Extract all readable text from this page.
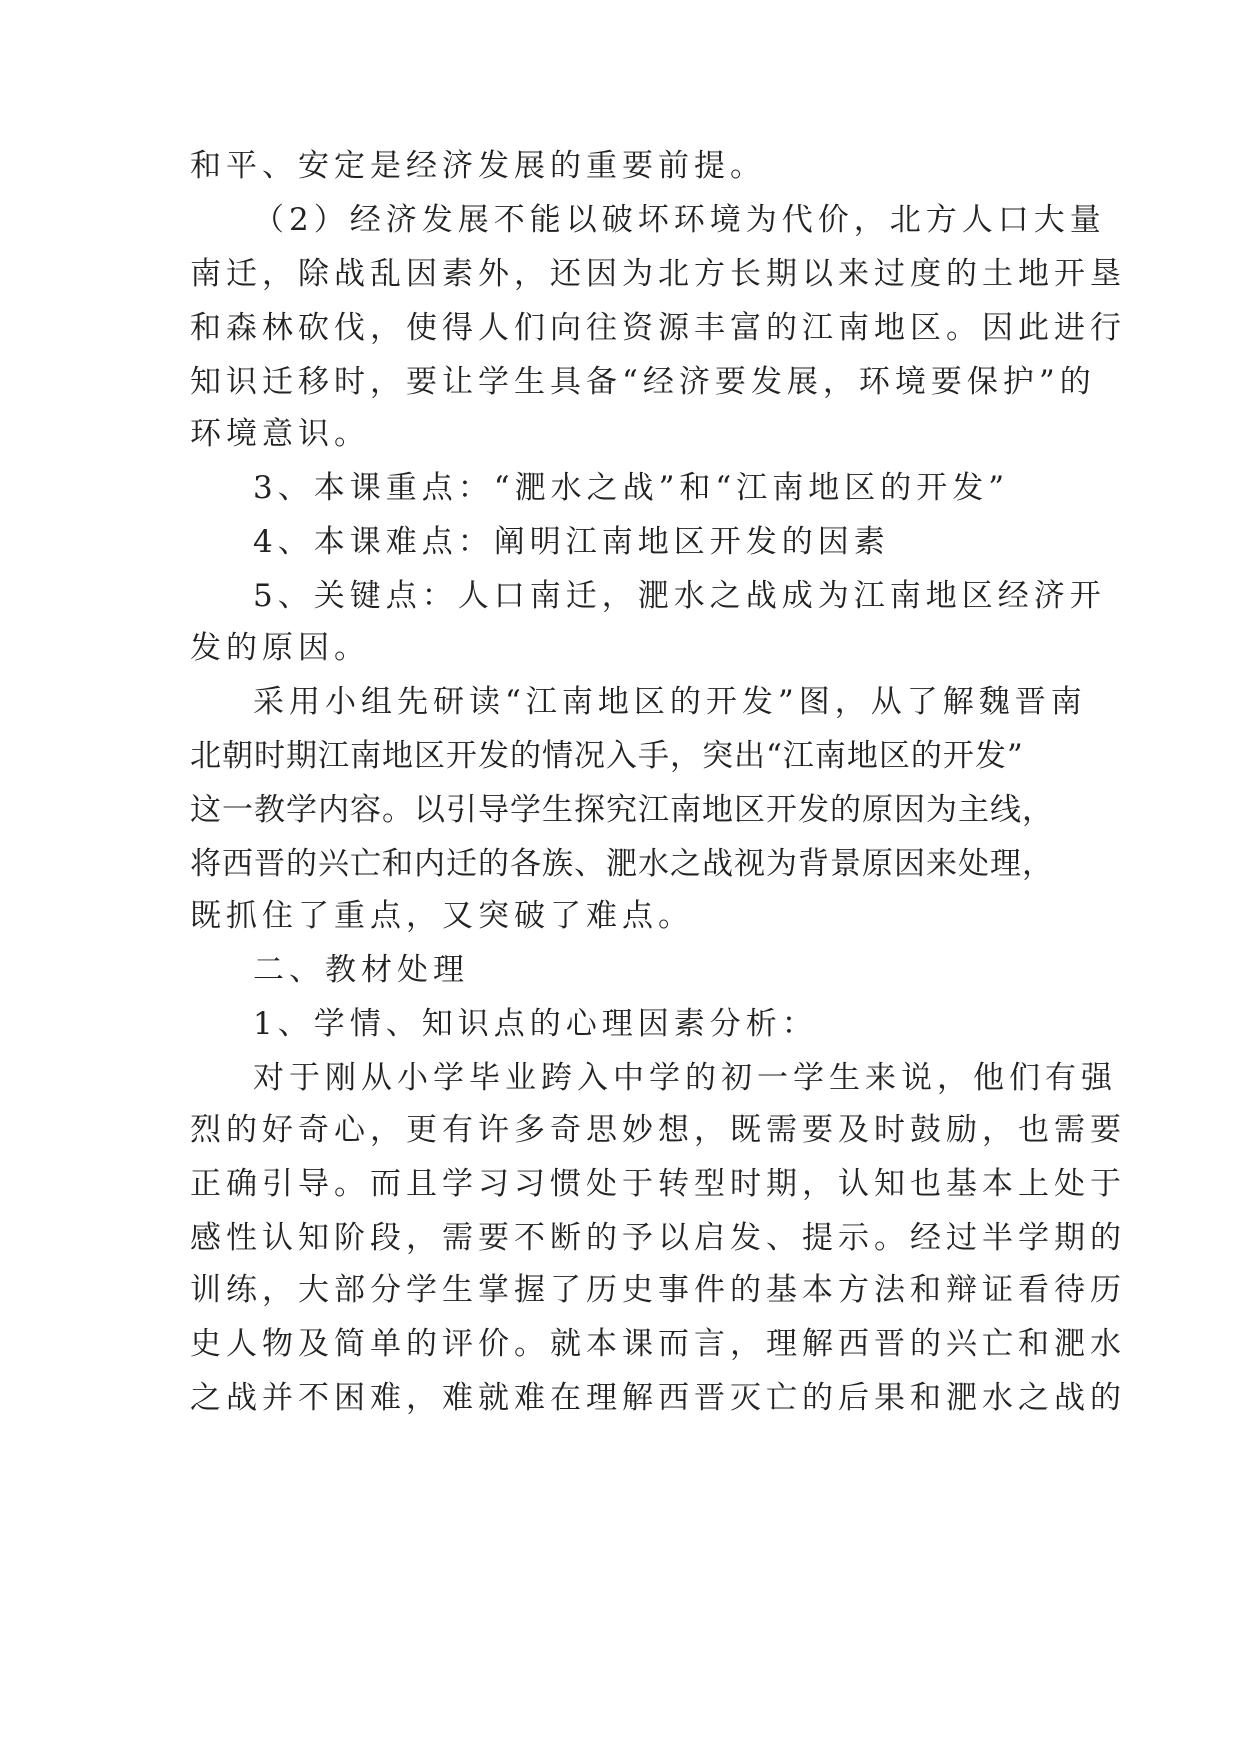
和平、安定是经济发展的重要前提。
（2）经济发展不能以破坏环境为代价，北方人口大量
南迁，除战乱因素外，还因为北方长期以来过度的土地开垦
和森林砍伐，使得人们向往资源丰富的江南地区。因此进行
知识迁移时，要让学生具备“经济要发展，环境要保护”的
环境意识。
3、本课重点：“淝水之战”和“江南地区的开发”
4、本课难点：阐明江南地区开发的因素
5、关键点：人口南迁，淝水之战成为江南地区经济开
发的原因。
采用小组先研读“江南地区的开发”图，从了解魏晋南
北朝时期江南地区开发的情况入手，突出“江南地区的开发”
这一教学内容。以引导学生探究江南地区开发的原因为主线，
将西晋的兴亡和内迁的各族、淝水之战视为背景原因来处理，
既抓住了重点，又突破了难点。
二、教材处理
1、学情、知识点的心理因素分析：
对于刚从小学毕业跨入中学的初一学生来说，他们有强
烈的好奇心，更有许多奇思妙想，既需要及时鼓励，也需要
正确引导。而且学习习惯处于转型时期，认知也基本上处于
感性认知阶段，需要不断的予以启发、提示。经过半学期的
训练，大部分学生掌握了历史事件的基本方法和辩证看待历
史人物及简单的评价。就本课而言，理解西晋的兴亡和淝水
之战并不困难，难就难在理解西晋灭亡的后果和淝水之战的
